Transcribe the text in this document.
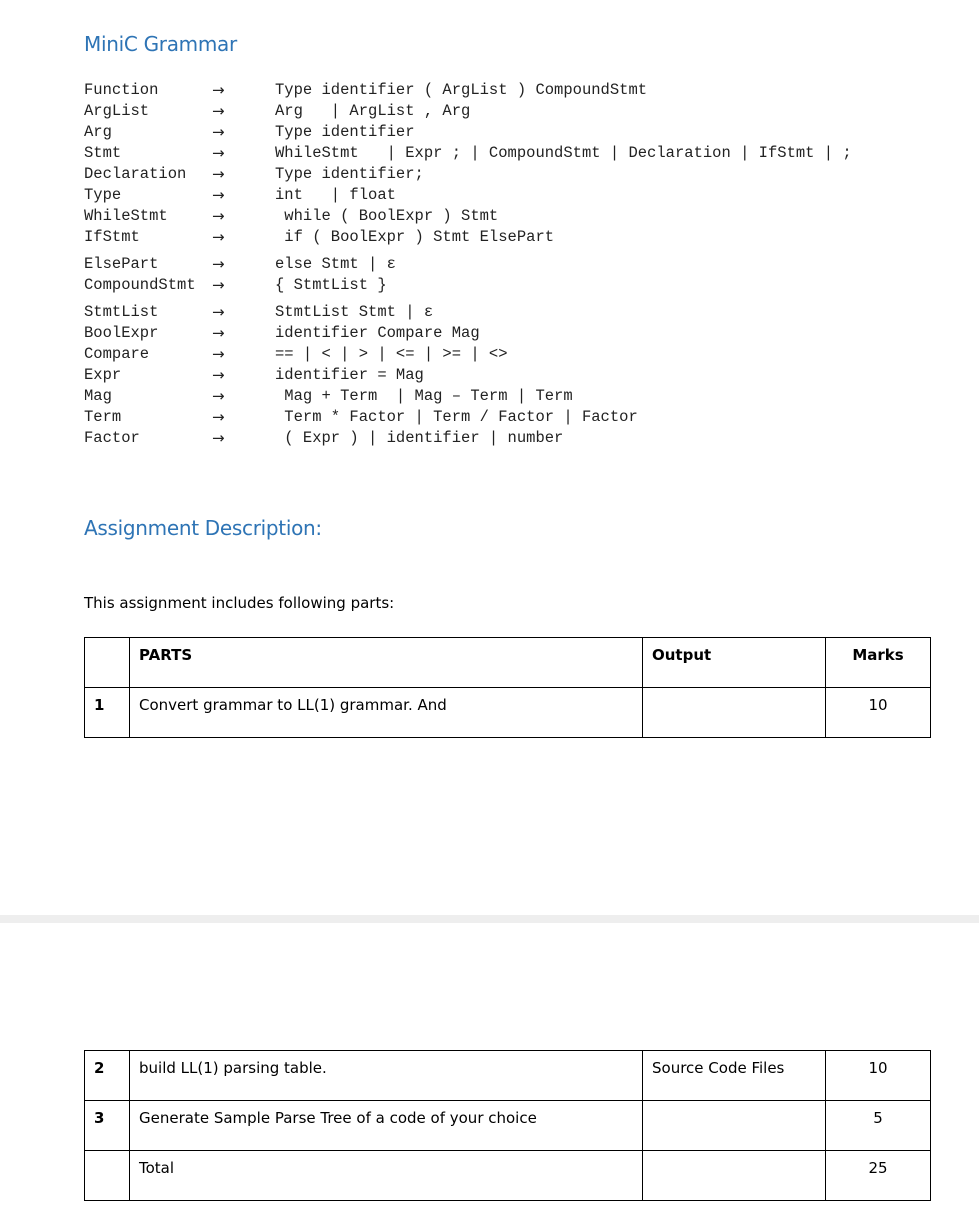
MiniC Grammar
Function	→	Type identifier ( ArgList ) CompoundStmt
ArgList	→	Arg   | ArgList , Arg
Arg	→	Type identifier
Stmt	→	WhileStmt   | Expr ; | CompoundStmt | Declaration | IfStmt | ;
Declaration	→	Type identifier;
Type	→	int   | float
WhileStmt	→	while ( BoolExpr ) Stmt
IfStmt	→	if ( BoolExpr ) Stmt ElsePart
ElsePart	→	else Stmt | ε
CompoundStmt	→	{ StmtList }
StmtList	→	StmtList Stmt | ε
BoolExpr	→	identifier Compare Mag
Compare	→	== | < | > | <= | >= | <>
Expr	→	identifier = Mag
Mag	→	Mag + Term  | Mag – Term | Term
Term	→	Term * Factor | Term / Factor | Factor
Factor	→	( Expr ) | identifier | number
Assignment Description:

This assignment includes following parts:

	PARTS	Output	Marks
1	Convert grammar to LL(1) grammar. And		10
2	build LL(1) parsing table.	Source Code Files	10
3	Generate Sample Parse Tree of a code of your choice		5
	Total		25
